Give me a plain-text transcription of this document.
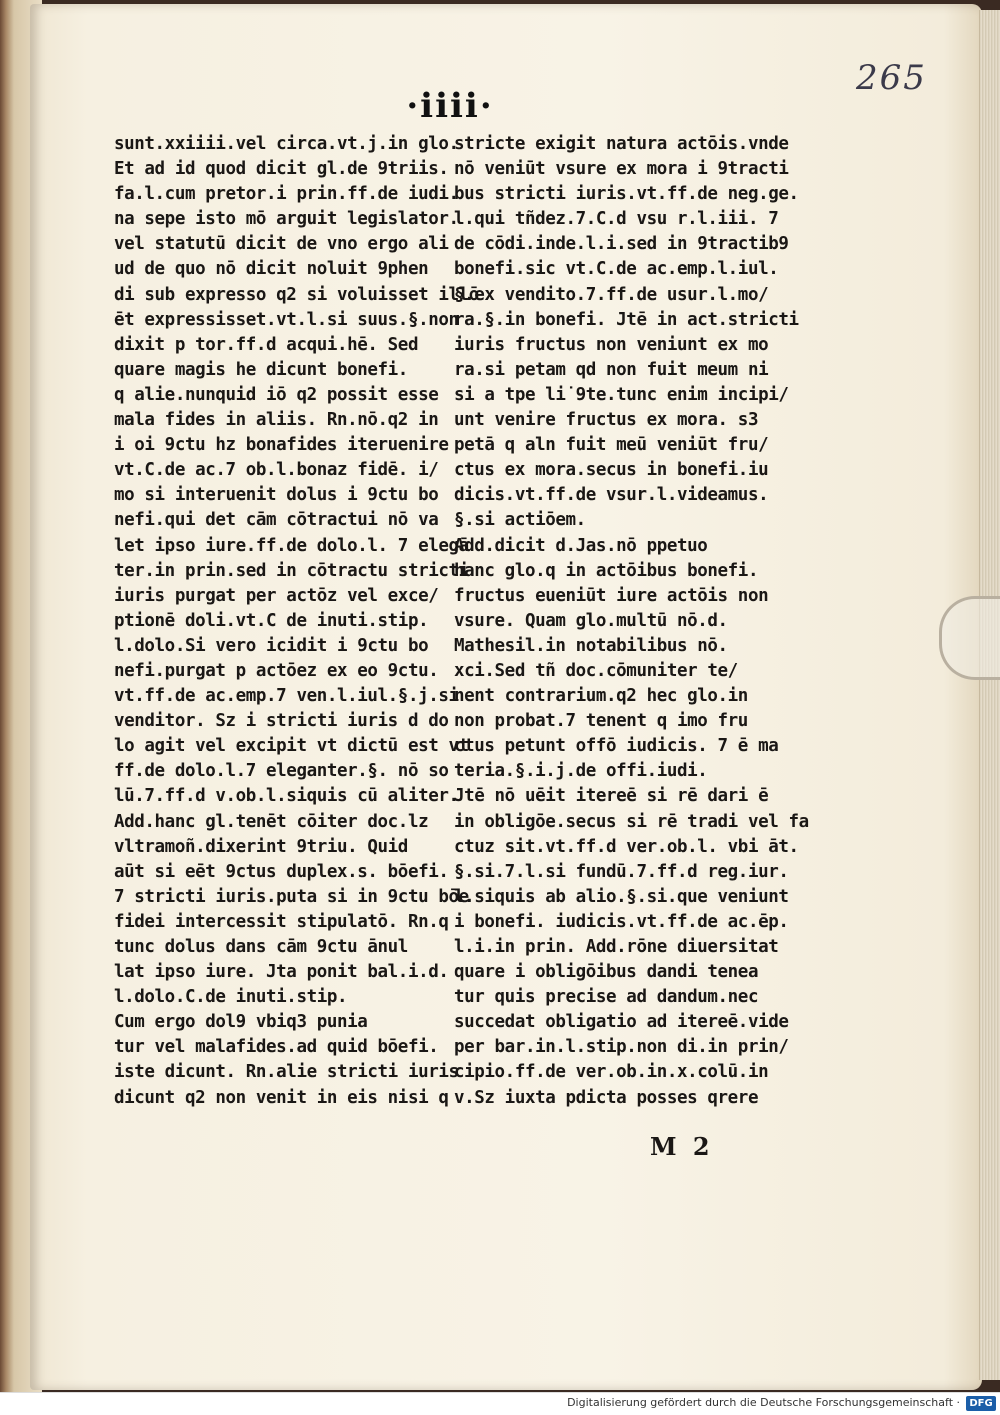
265
·iiii·
sunt.xxiiii.vel circa.vt.j.in glo.
Et ad id quod dicit gl.de 9triis.
fa.l.cum pretor.i prin.ff.de iudi.
na sepe isto mō arguit legislator.
vel statutū dicit de vno ergo ali
ud de quo nō dicit noluit 9phen
di sub expresso q2 si voluisset illō
ēt expressisset.vt.l.si suus.§.non
dixit p tor.ff.d acqui.hē. Sed
quare magis he dicunt bonefi.
q alie.nunquid iō q2 possit esse
mala fides in aliis. Rn.nō.q2 in
i oi 9ctu hz bonafides iteruenire
vt.C.de ac.7 ob.l.bonaz fidē. i/
mo si interuenit dolus i 9ctu bo
nefi.qui det cām cōtractui nō va
let ipso iure.ff.de dolo.l. 7 elegā
ter.in prin.sed in cōtractu stricti
iuris purgat per actōz vel exce/
ptionē doli.vt.C de inuti.stip.
l.dolo.Si vero icidit i 9ctu bo
nefi.purgat p actōez ex eo 9ctu.
vt.ff.de ac.emp.7 ven.l.iul.§.j.si
venditor. Sz i stricti iuris d do
lo agit vel excipit vt dictū est vt
ff.de dolo.l.7 eleganter.§. nō so
lū.7.ff.d v.ob.l.siquis cū aliter.
Add.hanc gl.tenēt cōiter doc.lz
vltramoñ.dixerint 9triu. Quid
aūt si eēt 9ctus duplex.s. bōefi.
7 stricti iuris.puta si in 9ctu bōe
fidei intercessit stipulatō. Rn.q
tunc dolus dans cām 9ctu ānul
lat ipso iure. Jta ponit bal.i.d.
l.dolo.C.de inuti.stip.
Cum ergo dol9 vbiq3 punia
tur vel malafides.ad quid bōefi.
iste dicunt. Rn.alie stricti iuris
dicunt q2 non venit in eis nisi q
stricte exigit natura actōis.vnde
nō veniūt vsure ex mora i 9tracti
bus stricti iuris.vt.ff.de neg.ge.
l.qui tñdez.7.C.d vsu r.l.iii. 7
de cōdi.inde.l.i.sed in 9tractib9
bonefi.sic vt.C.de ac.emp.l.iul.
§.ex vendito.7.ff.de usur.l.mo/
ra.§.in bonefi. Jtē in act.stricti
iuris fructus non veniunt ex mo
ra.si petam qd non fuit meum ni
si a tpe li̇ 9te.tunc enim incipi/
unt venire fructus ex mora. s3
petā q aln fuit meū veniūt fru/
ctus ex mora.secus in bonefi.iu
dicis.vt.ff.de vsur.l.videamus.
§.si actiōem.
Add.dicit d.Jas.nō ppetuo
hanc glo.q in actōibus bonefi.
fructus eueniūt iure actōis non
vsure. Quam glo.multū nō.d.
Mathesil.in notabilibus nō.
xci.Sed tñ doc.cōmuniter te/
nent contrarium.q2 hec glo.in
non probat.7 tenent q imo fru
ctus petunt offō iudicis. 7 ē ma
teria.§.i.j.de offi.iudi.
Jtē nō uēit itereē si rē dari ē
in obligōe.secus si rē tradi vel fa
ctuz sit.vt.ff.d ver.ob.l. vbi āt.
§.si.7.l.si fundū.7.ff.d reg.iur.
l.siquis ab alio.§.si.que veniunt
i bonefi. iudicis.vt.ff.de ac.ēp.
l.i.in prin. Add.rōne diuersitat
quare i obligōibus dandi tenea
tur quis precise ad dandum.nec
succedat obligatio ad itereē.vide
per bar.in.l.stip.non di.in prin/
cipio.ff.de ver.ob.in.x.colū.in
v.Sz iuxta pdicta posses qrere
M 2
Digitalisierung gefördert durch die Deutsche Forschungsgemeinschaft · DFG
